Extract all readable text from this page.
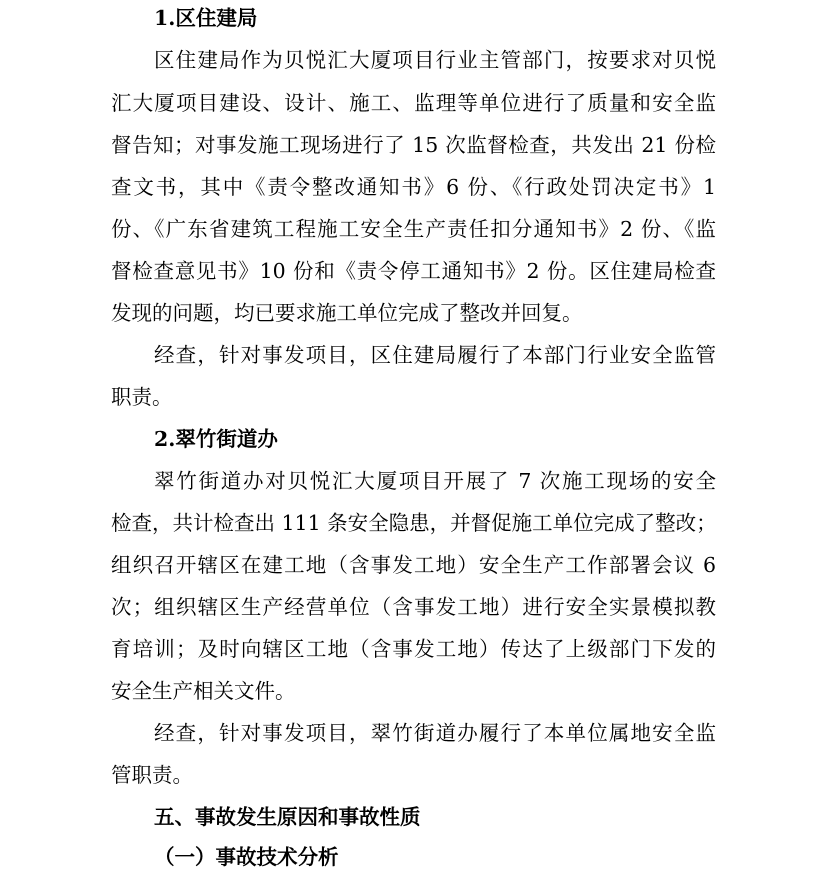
1.区住建局
区住建局作为贝悦汇大厦项目行业主管部门，按要求对贝悦
汇大厦项目建设、设计、施工、监理等单位进行了质量和安全监
督告知；对事发施工现场进行了 15 次监督检查，共发出 21 份检
查文书，其中《责令整改通知书》6 份、《行政处罚决定书》1
份、《广东省建筑工程施工安全生产责任扣分通知书》2 份、《监
督检查意见书》10 份和《责令停工通知书》2 份。区住建局检查
发现的问题，均已要求施工单位完成了整改并回复。
经查，针对事发项目，区住建局履行了本部门行业安全监管
职责。
2.翠竹街道办
翠竹街道办对贝悦汇大厦项目开展了 7 次施工现场的安全
检查，共计检查出 111 条安全隐患，并督促施工单位完成了整改；
组织召开辖区在建工地（含事发工地）安全生产工作部署会议 6
次；组织辖区生产经营单位（含事发工地）进行安全实景模拟教
育培训；及时向辖区工地（含事发工地）传达了上级部门下发的
安全生产相关文件。
经查，针对事发项目，翠竹街道办履行了本单位属地安全监
管职责。
五、事故发生原因和事故性质
（一）事故技术分析
